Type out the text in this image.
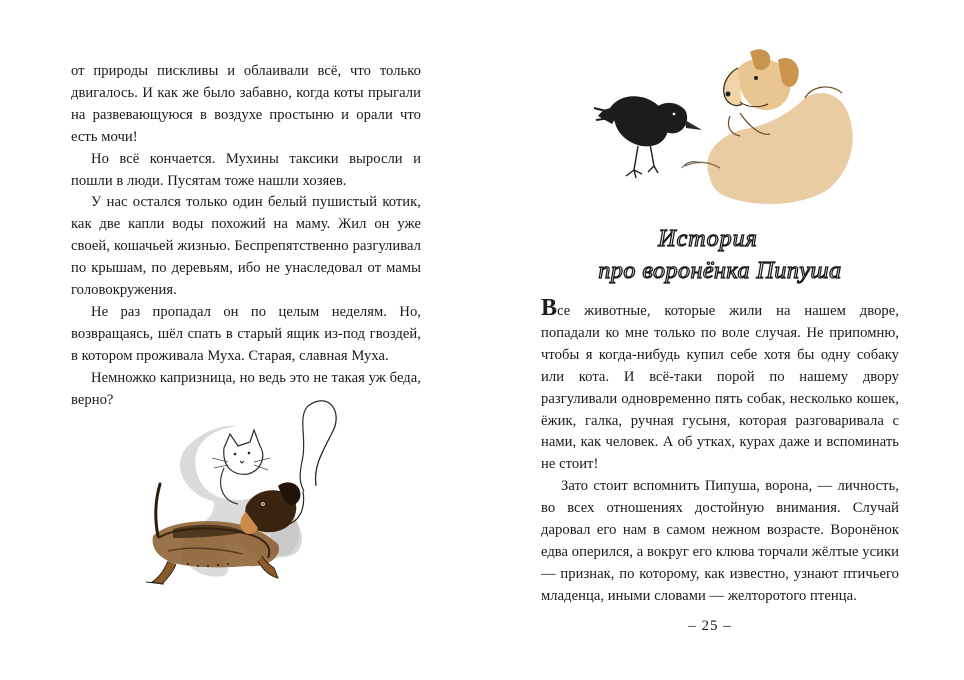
от природы пискливы и облаивали всё, что только двигалось. И как же было забавно, когда коты прыгали на развевающуюся в воздухе простыню и орали что есть мочи!

Но всё кончается. Мухины таксики выросли и пошли в люди. Пусятам тоже нашли хозяев.

У нас остался только один белый пушистый котик, как две капли воды похожий на маму. Жил он уже своей, кошачьей жизнью. Беспрепятственно разгуливал по крышам, по деревьям, ибо не унаследовал от мамы головокружения.

Не раз пропадал он по целым неделям. Но, возвращаясь, шёл спать в старый ящик из-под гвоздей, в котором проживала Муха. Старая, славная Муха.

Немножко капризница, но ведь это не такая уж беда, верно?

История
про воронёнка Пипуша

Все животные, которые жили на нашем дворе, попадали ко мне только по воле случая. Не припомню, чтобы я когда-нибудь купил себе хотя бы одну собаку или кота. И всё-таки порой по нашему двору разгуливали одновременно пять собак, несколько кошек, ёжик, галка, ручная гусыня, которая разговаривала с нами, как человек. А об утках, курах даже и вспоминать не стоит!

Зато стоит вспомнить Пипуша, ворона, — личность, во всех отношениях достойную внимания. Случай даровал его нам в самом нежном возрасте. Воронёнок едва оперился, а вокруг его клюва торчали жёлтые усики — признак, по которому, как известно, узнают птичьего младенца, иными словами — желторотого птенца.

– 25 –
